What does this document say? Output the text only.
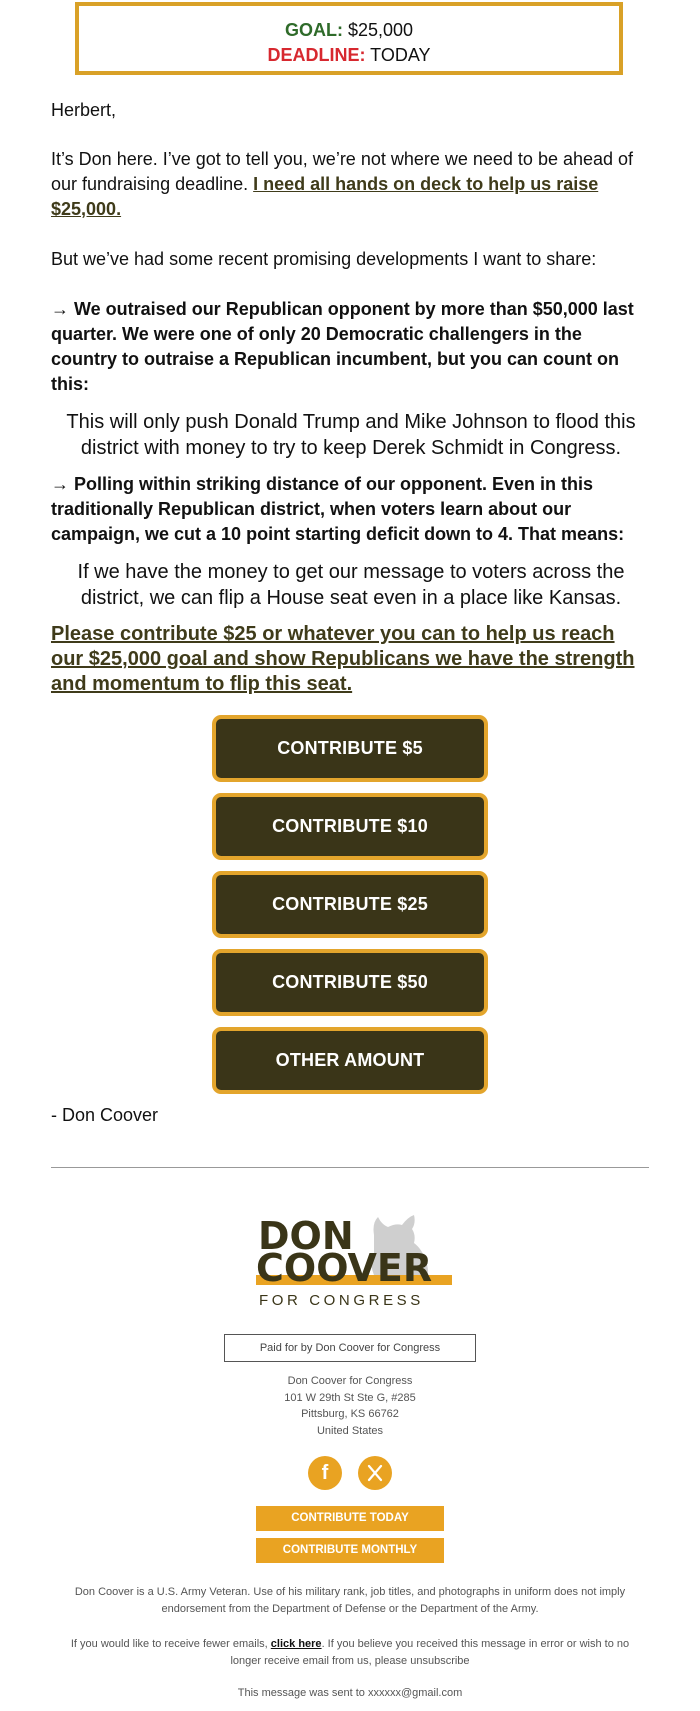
GOAL: $25,000
DEADLINE: TODAY

Herbert,

It’s Don here. I’ve got to tell you, we’re not where we need to be ahead of our fundraising deadline. I need all hands on deck to help us raise $25,000.

But we’ve had some recent promising developments I want to share:

→ We outraised our Republican opponent by more than $50,000 last quarter. We were one of only 20 Democratic challengers in the country to outraise a Republican incumbent, but you can count on this:

This will only push Donald Trump and Mike Johnson to flood this district with money to try to keep Derek Schmidt in Congress.

→ Polling within striking distance of our opponent. Even in this traditionally Republican district, when voters learn about our campaign, we cut a 10 point starting deficit down to 4. That means:

If we have the money to get our message to voters across the district, we can flip a House seat even in a place like Kansas.

Please contribute $25 or whatever you can to help us reach our $25,000 goal and show Republicans we have the strength and momentum to flip this seat.
CONTRIBUTE $5
CONTRIBUTE $10
CONTRIBUTE $25
CONTRIBUTE $50
OTHER AMOUNT
- Don Coover
DON
COOVER
FOR CONGRESS
Paid for by Don Coover for Congress
Don Coover for Congress
101 W 29th St Ste G, #285
Pittsburg, KS 66762
United States
f
CONTRIBUTE TODAY
CONTRIBUTE MONTHLY
Don Coover is a U.S. Army Veteran. Use of his military rank, job titles, and photographs in uniform does not imply endorsement from the Department of Defense or the Department of the Army.
If you would like to receive fewer emails, click here. If you believe you received this message in error or wish to no longer receive email from us, please unsubscribe
This message was sent to xxxxxx@gmail.com
